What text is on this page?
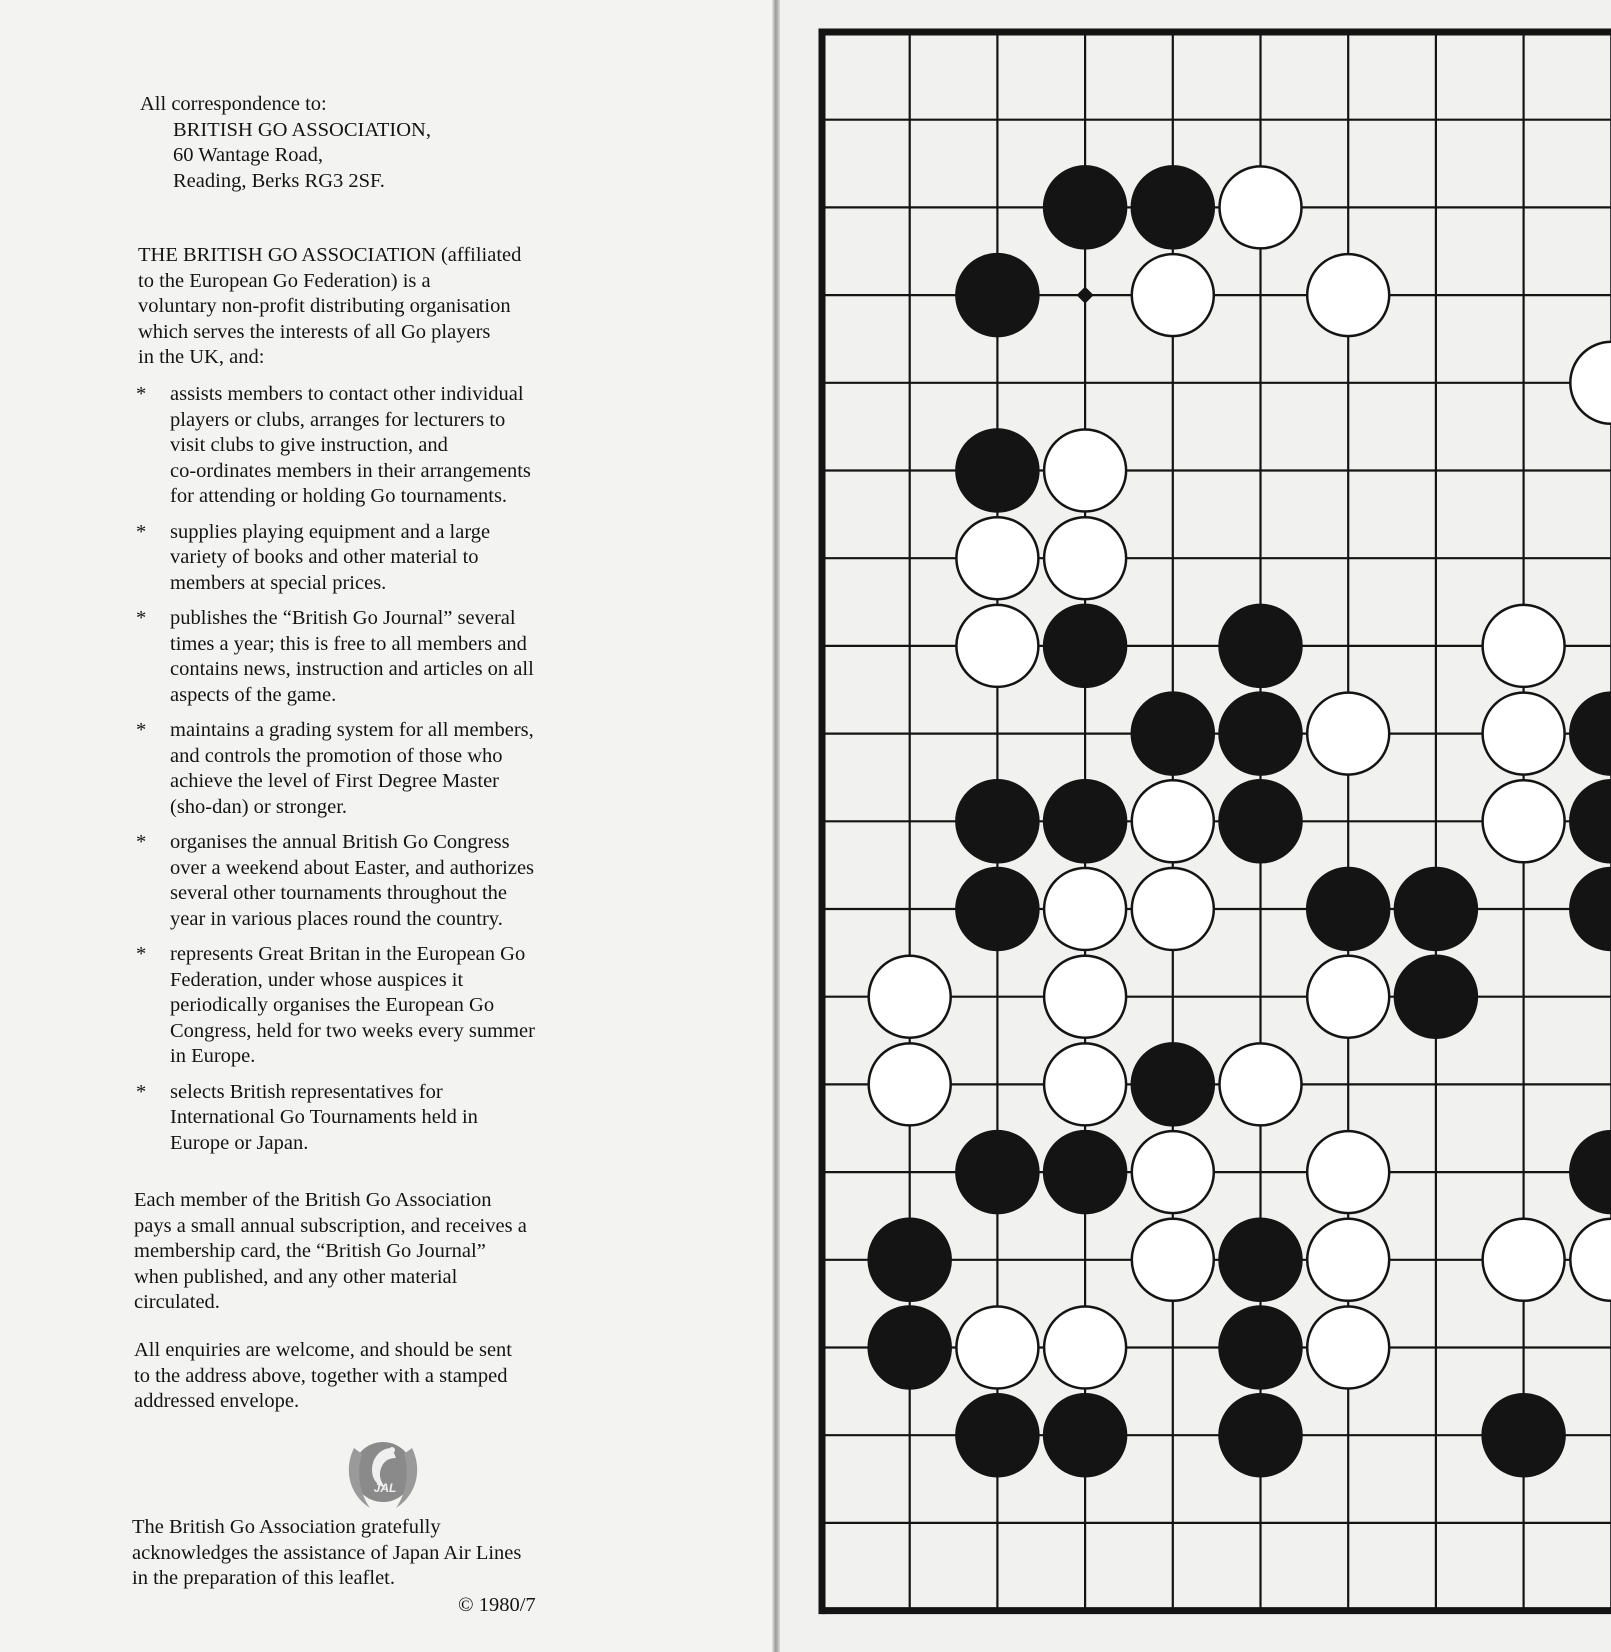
All correspondence to:
BRITISH GO ASSOCIATION,
60 Wantage Road,
Reading, Berks RG3 2SF.
THE BRITISH GO ASSOCIATION (affiliated
to the European Go Federation) is a
voluntary non-profit distributing organisation
which serves the interests of all Go players
in the UK, and:
* assists members to contact other individual
players or clubs, arranges for lecturers to
visit clubs to give instruction, and
co-ordinates members in their arrangements
for attending or holding Go tournaments.
* supplies playing equipment and a large
variety of books and other material to
members at special prices.
* publishes the “British Go Journal” several
times a year; this is free to all members and
contains news, instruction and articles on all
aspects of the game.
* maintains a grading system for all members,
and controls the promotion of those who
achieve the level of First Degree Master
(sho-dan) or stronger.
* organises the annual British Go Congress
over a weekend about Easter, and authorizes
several other tournaments throughout the
year in various places round the country.
* represents Great Britan in the European Go
Federation, under whose auspices it
periodically organises the European Go
Congress, held for two weeks every summer
in Europe.
* selects British representatives for
International Go Tournaments held in
Europe or Japan.
Each member of the British Go Association
pays a small annual subscription, and receives a
membership card, the “British Go Journal”
when published, and any other material
circulated.
All enquiries are welcome, and should be sent
to the address above, together with a stamped
addressed envelope.
JAL
The British Go Association gratefully
acknowledges the assistance of Japan Air Lines
in the preparation of this leaflet.
© 1980/7
